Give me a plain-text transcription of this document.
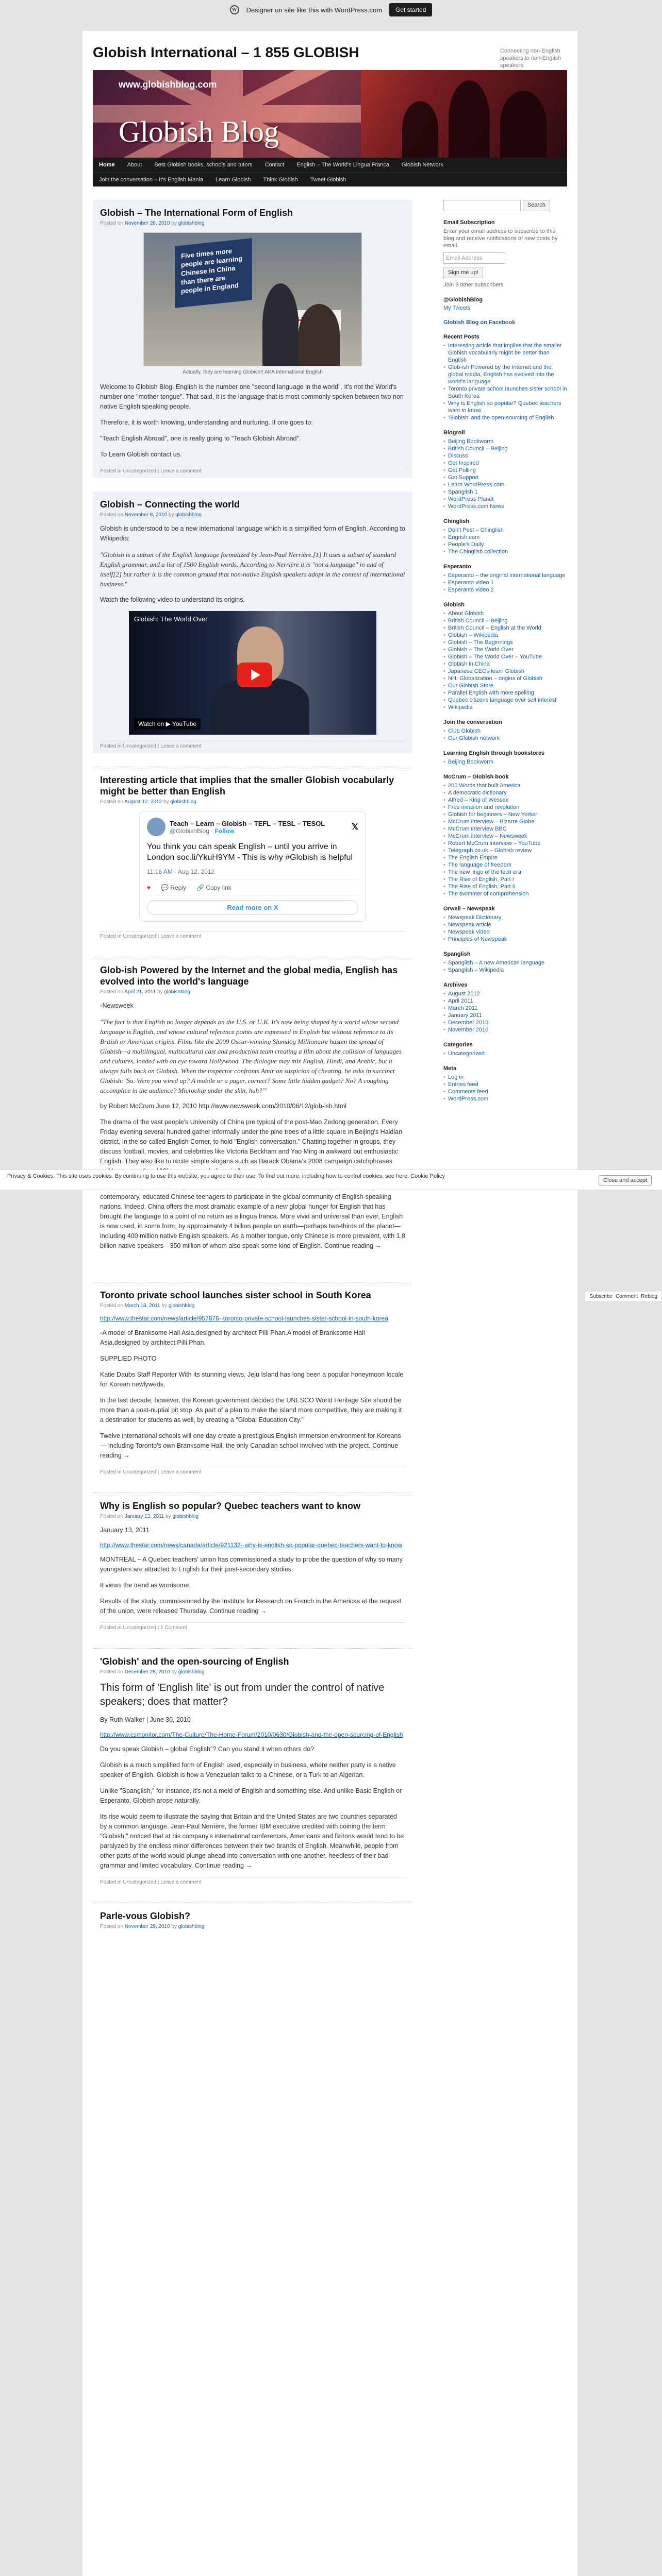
W	Designer un site like this with WordPress.com	Get started
Globish International – 1 855 GLOBISH	Connecting non-English speakers to non-English speakers
www.globishblog.com
Globish Blog
Home About Best Globish books, schools and tutors Contact English – The World's Lingua Franca Globish Network
Join the conversation – It's English Mania Learn Globish Think Globish Tweet Globish
Globish – The International Form of English
Posted on November 26, 2010 by globishblog
Five times more people are learning Chinese in China than there are people in England
Actually, they are learning Globish!! AKA International English

Welcome to Globish Blog. English is the number one "second language in the world". It's not the World's number one "mother tongue". That said, it is the language that is most commonly spoken between two non native English speaking people.

Therefore, it is worth knowing, understanding and nurturing. If one goes to:

"Teach English Abroad", one is really going to "Teach Globish Abroad".

To Learn Globish contact us.

Posted in Uncategorized | Leave a comment
Globish – Connecting the world
Posted on November 8, 2010 by globishblog

Globish is understood to be a new international language which is a simplified form of English. According to Wikipedia:

"Globish is a subset of the English language formalized by Jean-Paul Nerrière.[1] It uses a subset of standard English grammar, and a list of 1500 English words. According to Nerrière it is "not a language" in and of itself[2] but rather it is the common ground that non-native English speakers adopt in the context of international business."

Watch the following video to understand its origins.

Globish: The World Over
Watch on ▶ YouTube
Posted in Uncategorized | Leave a comment
Interesting article that implies that the smaller Globish vocabularly might be better than English
Posted on August 12, 2012 by globishblog
Teach – Learn – Globish – TEFL – TESL – TESOL
@GlobishBlog · Follow	𝕏
You think you can speak English – until you arrive in London soc.li/YkuH9YM - This is why #Globish is helpful
11:16 AM · Aug 12, 2012
♥ 💬 Reply 🔗 Copy link
Read more on X
Posted in Uncategorized | Leave a comment
Glob-ish Powered by the Internet and the global media, English has evolved into the world's language
Posted on April 21, 2011 by globishblog

▫Newsweek

"The fact is that English no longer depends on the U.S. or U.K. It's now being shaped by a world whose second language is English, and whose cultural reference points are expressed in English but without reference to its British or American origins. Films like the 2009 Oscar-winning Slumdog Millionaire hasten the spread of Globish—a multilingual, multicultural cast and production team creating a film about the collision of languages and cultures, loaded with an eye toward Hollywood. The dialogue may mix English, Hindi, and Arabic, but it always falls back on Globish. When the inspector confronts Amir on suspicion of cheating, he asks in succinct Globish: 'So. Were you wired up? A mobile or a pager, correct? Some little hidden gadget? No? A coughing accomplice in the audience? Microchip under the skin, huh?'"

by Robert McCrum June 12, 2010 http://www.newsweek.com/2010/06/12/glob-ish.html

The drama of the vast people's University of China pre typical of the post-Mao Zedong generation. Every Friday evening several hundred gather informally under the pine trees of a little square in Beijing's Haidian district, in the so-called English Corner, to hold "English conversation." Chatting together in groups, they discuss football, movies, and celebrities like Victoria Beckham and Yao Ming in awkward but enthusiastic English. They also like to recite simple slogans such as Barack Obama's 2008 campaign catchphrases

contemporary, educated Chinese teenagers to participate in the global community of English-speaking nations. Indeed, China offers the most dramatic example of a new global hunger for English that has brought the language to a point of no return as a lingua franca. More vivid and universal than ever, English is now used, in some form, by approximately 4 billion people on earth—perhaps two-thirds of the planet—including 400 million native English speakers. As a mother tongue, only Chinese is more prevalent, with 1.8 billion native speakers—350 million of whom also speak some kind of English. Continue reading →

Toronto private school launches sister school in South Korea
Posted on March 18, 2011 by globishblog
http://www.thestar.com/news/article/957876--toronto-private-school-launches-sister-school-in-south-korea

▫A model of Branksome Hall Asia,designed by architect Pilli Phan.A model of Branksome Hall Asia,designed by architect Pilli Phan.

SUPPLIED PHOTO

Katie Daubs Staff Reporter With its stunning views, Jeju Island has long been a popular honeymoon locale for Korean newlyweds.

In the last decade, however, the Korean government decided the UNESCO World Heritage Site should be more than a post-nuptial pit stop. As part of a plan to make the island more competitive, they are making it a destination for students as well, by creating a "Global Education City."

Twelve international schools will one day create a prestigious English immersion environment for Koreans — including Toronto's own Branksome Hall, the only Canadian school involved with the project. Continue reading →

Posted in Uncategorized | Leave a comment
Why is English so popular? Quebec teachers want to know
Posted on January 13, 2011 by globishblog

January 13, 2011

http://www.thestar.com/news/canada/article/921132--why-is-english-so-popular-quebec-teachers-want-to-know

MONTREAL – A Quebec teachers' union has commissioned a study to probe the question of why so many youngsters are attracted to English for their post-secondary studies.

It views the trend as worrisome.

Results of the study, commissioned by the Institute for Research on French in the Americas at the request of the union, were released Thursday. Continue reading →

Posted in Uncategorized | 1 Comment
'Globish' and the open-sourcing of English
Posted on December 28, 2010 by globishblog
This form of 'English lite' is out from under the control of native speakers; does that matter?

By Ruth Walker | June 30, 2010

http://www.csmonitor.com/The-Culture/The-Home-Forum/2010/0630/Globish-and-the-open-sourcing-of-English

Do you speak Globish – global English"? Can you stand it when others do?

Globish is a much simplified form of English used, especially in business, where neither party is a native speaker of English. Globish is how a Venezuelan talks to a Chinese, or a Turk to an Algerian.

Unlike "Spanglish," for instance, it's not a meld of English and something else. And unlike Basic English or Esperanto, Globish arose naturally.

Its rise would seem to illustrate the saying that Britain and the United States are two countries separated by a common language. Jean-Paul Nerrière, the former IBM executive credited with coining the term "Globish," noticed that at his company's international conferences, Americans and Britons would tend to be paralyzed by the endless minor differences between their two brands of English. Meanwhile, people from other parts of the world would plunge ahead into conversation with one another, heedless of their bad grammar and limited vocabulary. Continue reading →

Posted in Uncategorized | Leave a comment
Parle-vous Globish?
Posted on November 29, 2010 by globishblog
Search
Email Subscription

Enter your email address to subscribe to this blog and receive notifications of new posts by email.

Email Address
Sign me up!

Join 8 other subscribers

@GlobishBlog
My Tweets
Globish Blog on Facebook
Recent Posts
• Interesting article that implies that the smaller Globish vocabularly might be better than English
• Glob-ish Powered by the Internet and the global media, English has evolved into the world's language
• Toronto private school launches sister school in South Korea
• Why is English so popular? Quebec teachers want to know
• 'Globish' and the open-sourcing of English
Blogroll
• Beijing Bookworm
• British Council – Beijing
• Discuss
• Get Inspired
• Get Polling
• Get Support
• Learn WordPress.com
• Spanglish 1
• WordPress Planet
• WordPress.com News
Chinglish
• Don't Pest – Chinglish
• Engrish.com
• People's Daily
• The Chinglish collection
Esperanto
• Esperanto – the original international language
• Esperanto video 1
• Esperanto video 2
Globish
• About Globish
• British Council – Beijing
• British Council – English at the World
• Globish – Wikipedia
• Globish – The Beginnings
• Globish – The World Over
• Globish – The World Over – YouTube
• Globish in China
• Japanese CEOs learn Globish
• NH: Globalization – origins of Globish
• Our Globish Store
• Parallel English with more spelling
• Quebec citizens language over self interest
• Wikipedia
Join the conversation
• Club Globish
• Our Globish network
Learning English through bookstores
• Beijing Bookworm
McCrum – Globish book
• 200 Words that built America
• A democratic dictionary
• Alfred – King of Wessex
• Free invasion and revolution
• Globish for beginners – New Yorker
• McCrum interview – Bizarre Globe
• McCrum interview BBC
• McCrum interview – Newsweek
• Robert McCrum interview – YouTube
• Telegraph.co.uk – Globish review
• The English Empire
• The language of freedom
• The new lingo of the tech era
• The Rise of English, Part I
• The Rise of English, Part II
• The swimmer of comprehension
Orwell – Newspeak
• Newspeak Dictionary
• Newspeak article
• Newspeak video
• Principles of Newspeak
Spanglish
• Spanglish – A new American language
• Spanglish – Wikipedia
Archives
• August 2012
• April 2011
• March 2011
• January 2011
• December 2010
• November 2010
Categories
• Uncategorized
Meta
• Log in
• Entries feed
• Comments feed
• WordPress.com
Privacy & Cookies: This site uses cookies. By continuing to use this website, you agree to their use. To find out more, including how to control cookies, see here: Cookie Policy
Close and accept
Subscribe Comment Reblog
